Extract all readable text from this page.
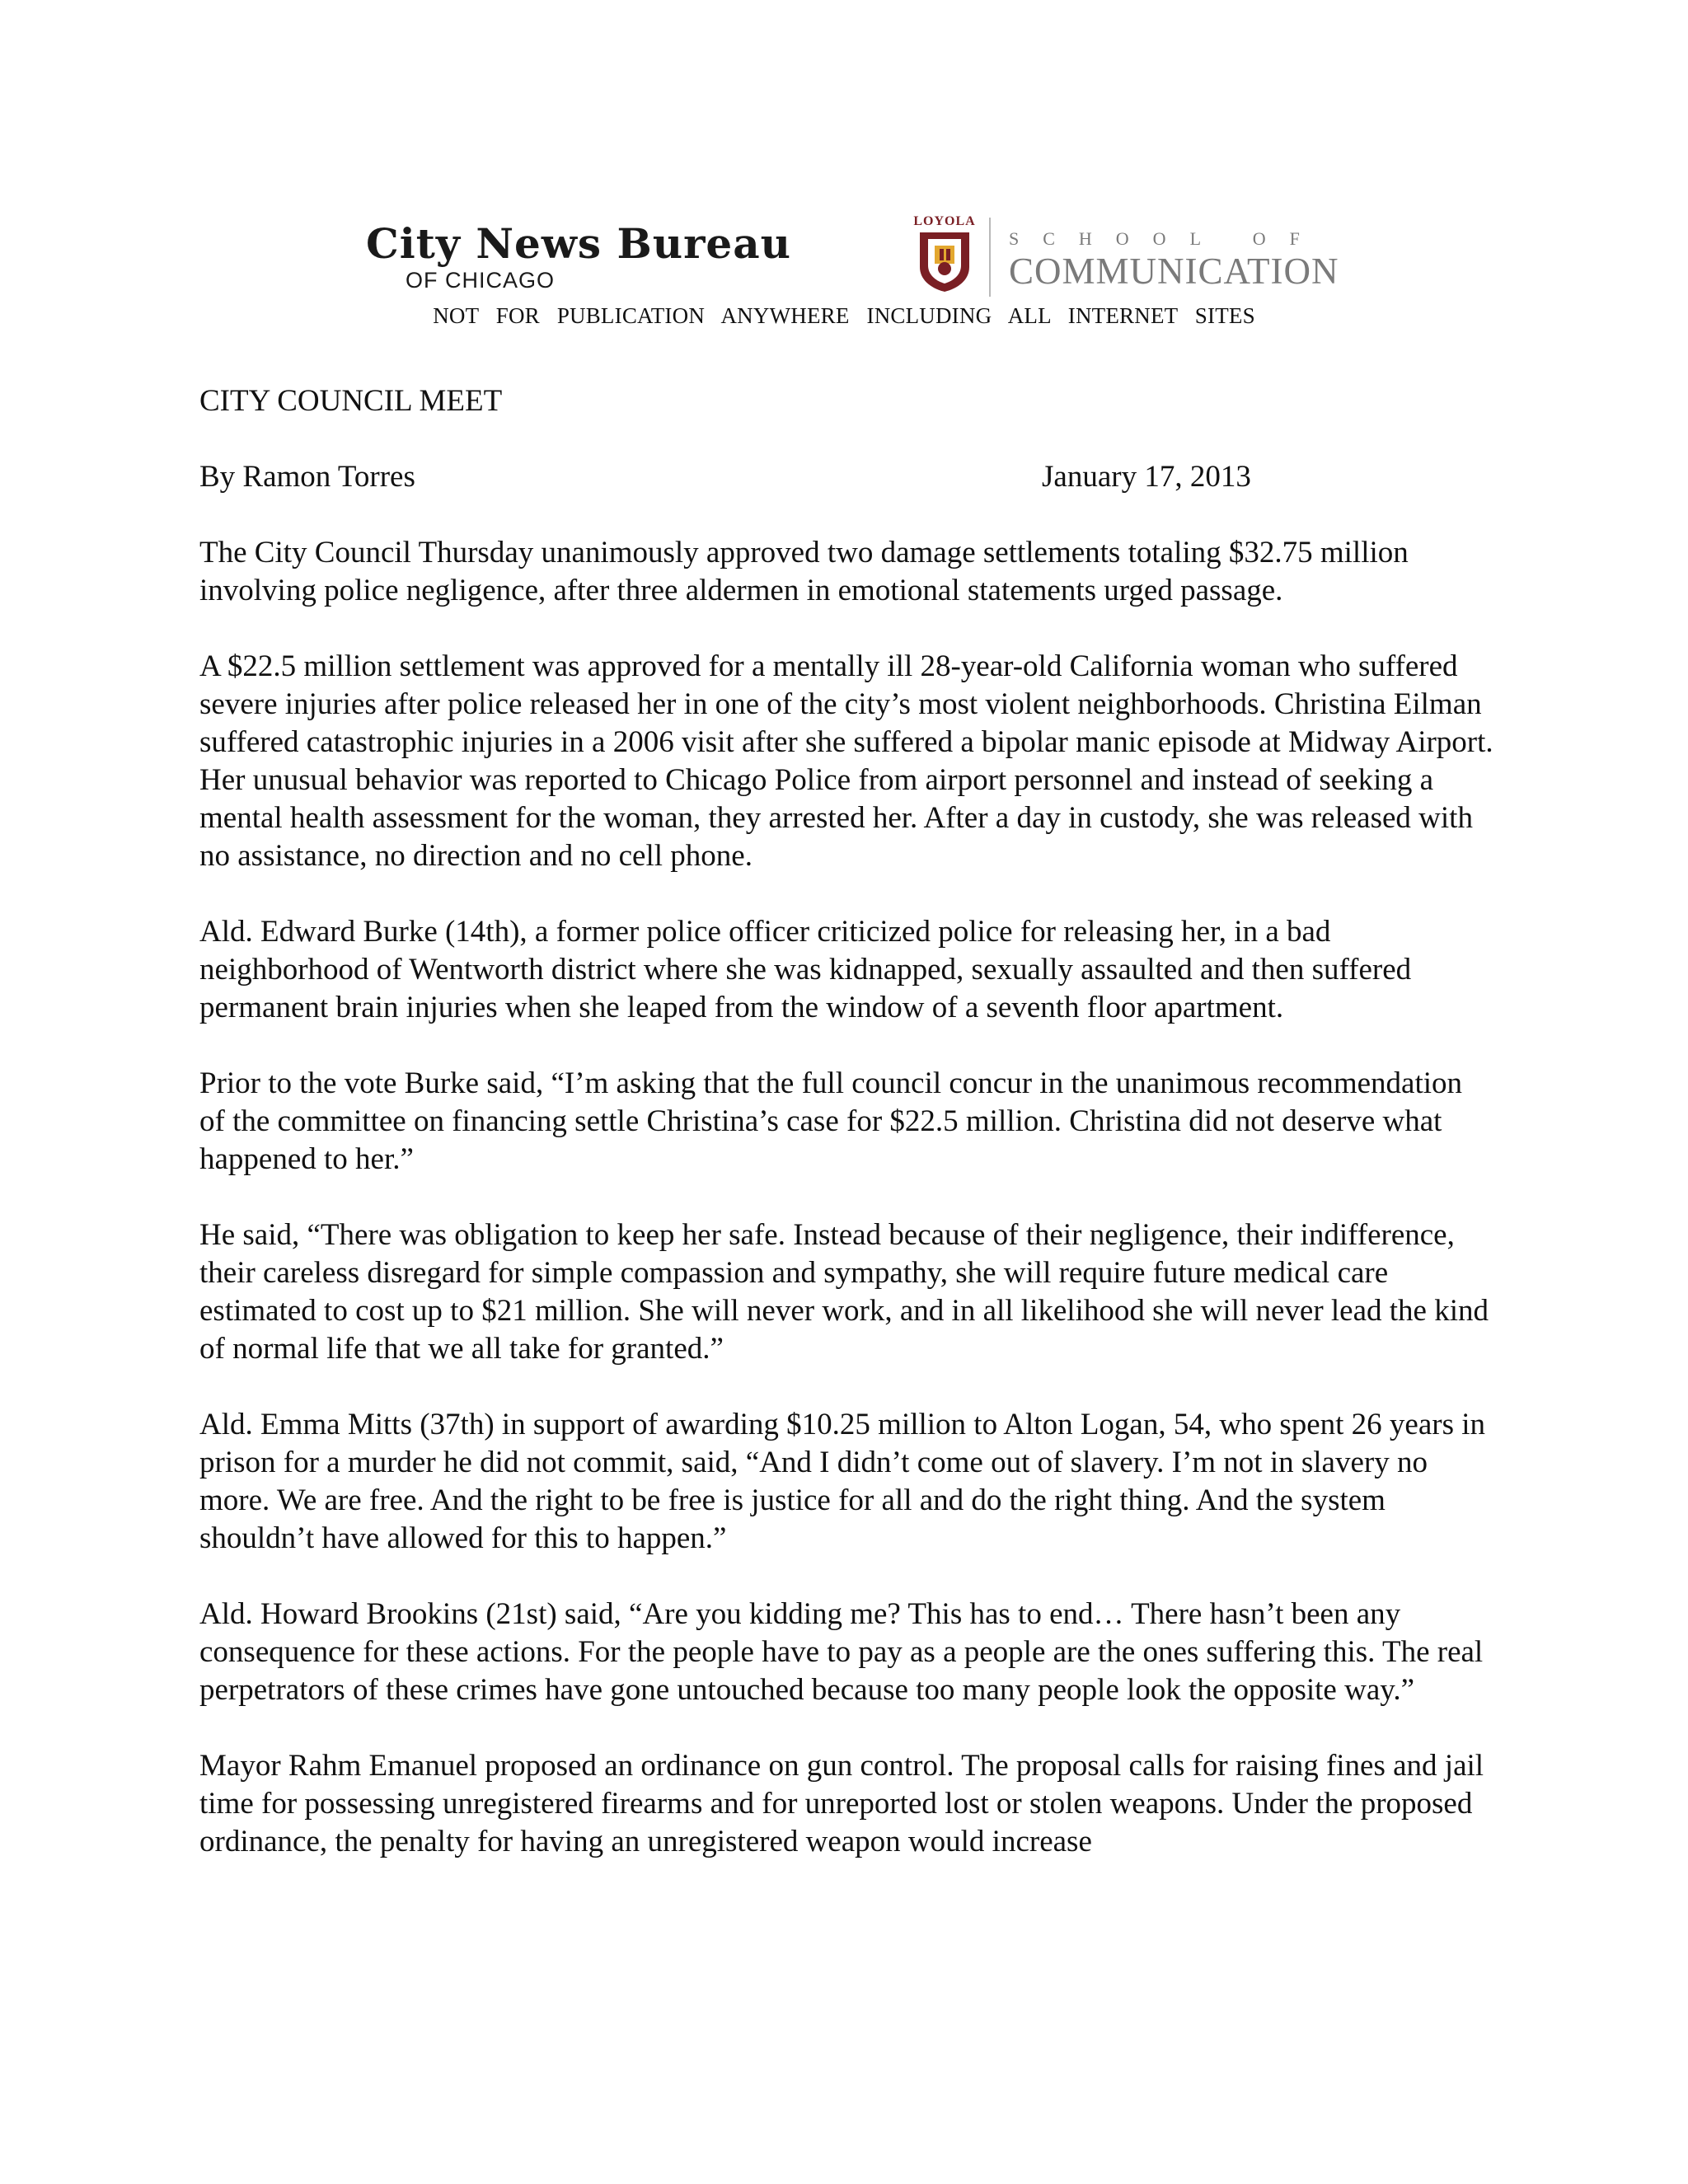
City News Bureau
OF CHICAGO
LOYOLA
SCHOOL OF
COMMUNICATION
NOT FOR PUBLICATION ANYWHERE INCLUDING ALL INTERNET SITES

CITY COUNCIL MEET

By Ramon Torres	January 17, 2013

The City Council Thursday unanimously approved two damage settlements totaling $32.75 million involving police negligence, after three aldermen in emotional statements urged passage.

A $22.5 million settlement was approved for a mentally ill 28-year-old California woman who suffered severe injuries after police released her in one of the city’s most violent neighborhoods. Christina Eilman suffered catastrophic injuries in a 2006 visit after she suffered a bipolar manic episode at Midway Airport. Her unusual behavior was reported to Chicago Police from airport personnel and instead of seeking a mental health assessment for the woman, they arrested her. After a day in custody, she was released with no assistance, no direction and no cell phone.

Ald. Edward Burke (14th), a former police officer criticized police for releasing her, in a bad neighborhood of Wentworth district where she was kidnapped, sexually assaulted and then suffered permanent brain injuries when she leaped from the window of a seventh floor apartment.

Prior to the vote Burke said, “I’m asking that the full council concur in the unanimous recommendation of the committee on financing settle Christina’s case for $22.5 million. Christina did not deserve what happened to her.”

He said, “There was obligation to keep her safe. Instead because of their negligence, their indifference, their careless disregard for simple compassion and sympathy, she will require future medical care estimated to cost up to $21 million. She will never work, and in all likelihood she will never lead the kind of normal life that we all take for granted.”

Ald. Emma Mitts (37th) in support of awarding $10.25 million to Alton Logan, 54, who spent 26 years in prison for a murder he did not commit, said, “And I didn’t come out of slavery. I’m not in slavery no more. We are free. And the right to be free is justice for all and do the right thing. And the system shouldn’t have allowed for this to happen.”

Ald. Howard Brookins (21st) said, “Are you kidding me? This has to end… There hasn’t been any consequence for these actions. For the people have to pay as a people are the ones suffering this. The real perpetrators of these crimes have gone untouched because too many people look the opposite way.”

Mayor Rahm Emanuel proposed an ordinance on gun control. The proposal calls for raising fines and jail time for possessing unregistered firearms and for unreported lost or stolen weapons. Under the proposed ordinance, the penalty for having an unregistered weapon would increase
